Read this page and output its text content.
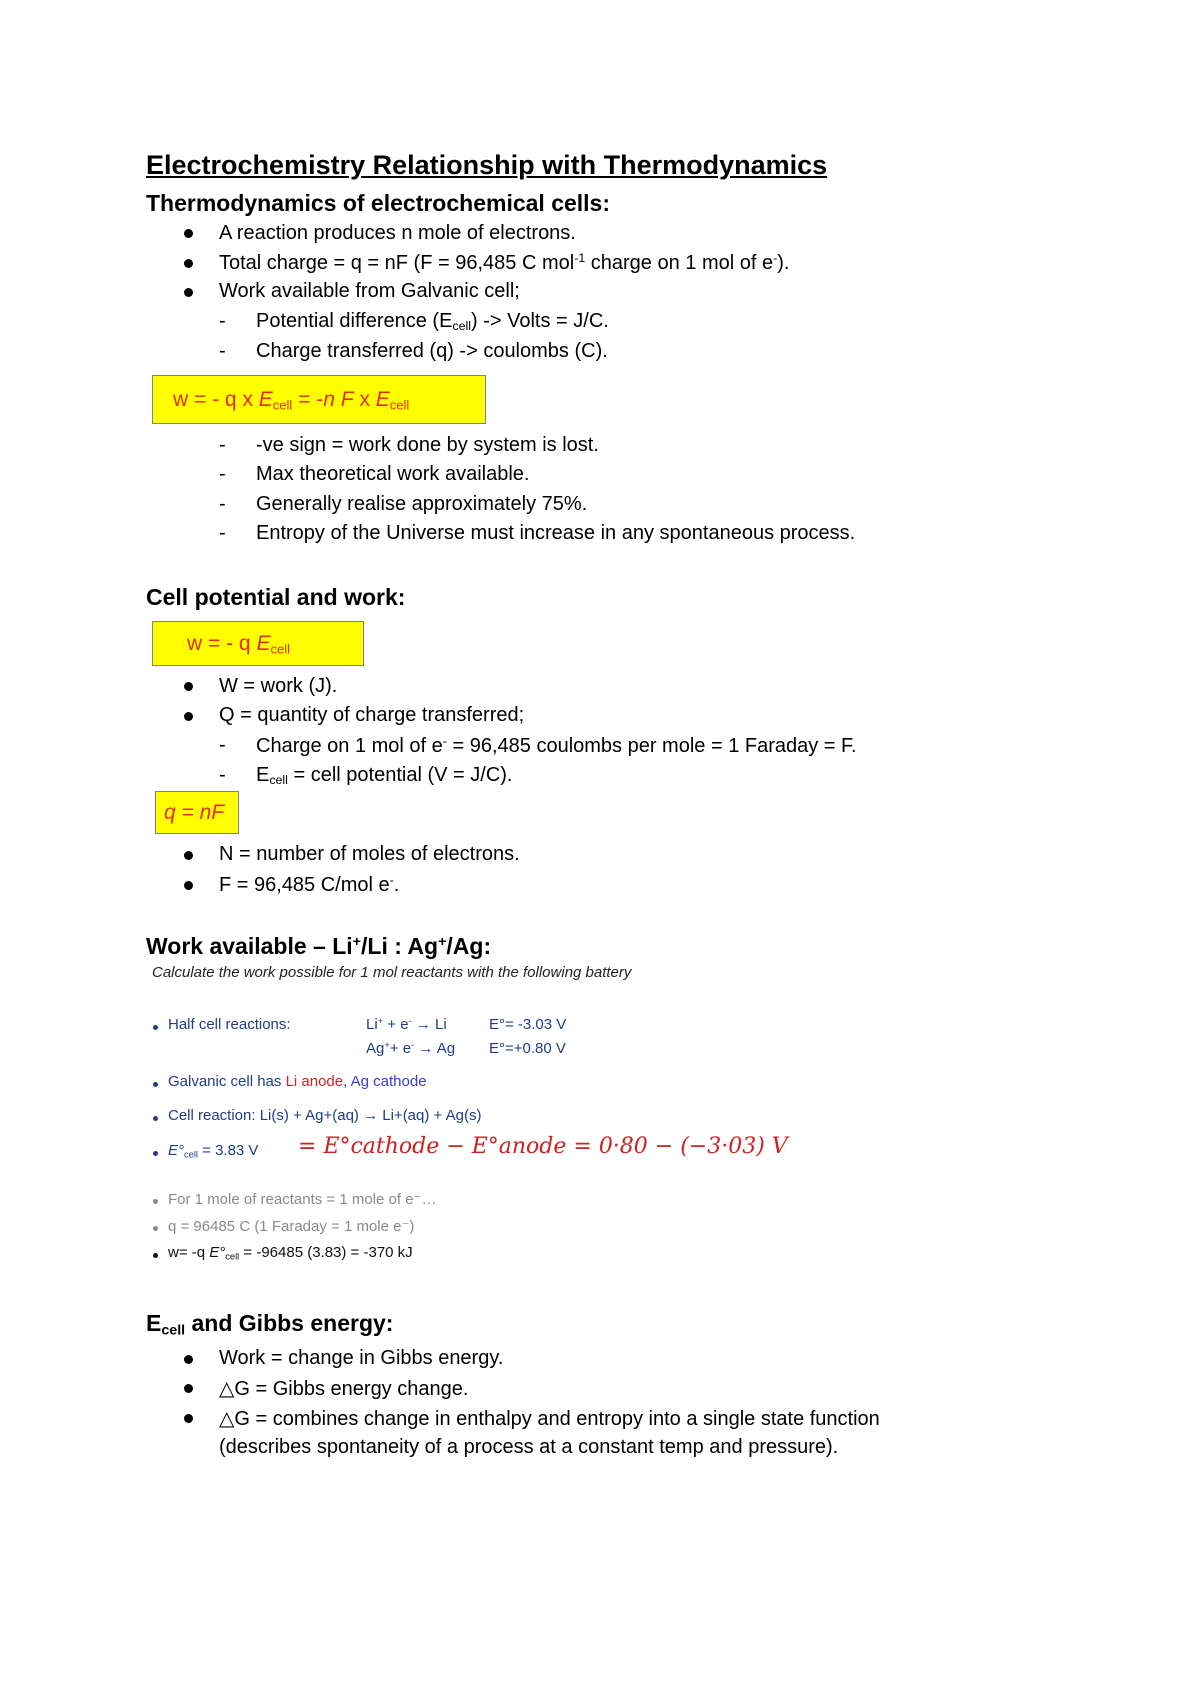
Electrochemistry Relationship with Thermodynamics
Thermodynamics of electrochemical cells:
A reaction produces n mole of electrons.
Total charge = q = nF (F = 96,485 C mol$^{-1}$ charge on 1 mol of e-).
Work available from Galvanic cell;
- Potential difference $(E_{cell})$ -> Volts = J/C.
- Charge transferred (q) -> coulombs (C).
w = - q x $E_{cell} = -n$ F x $E_{cell}$
- -ve sign = work done by system is lost.
- Max theoretical work available.
- Generally realise approximately 75%.
- Entropy of the Universe must increase in any spontaneous process.
Cell potential and work:
w = - q $E_{cell}$
W = work (J).
Q = quantity of charge transferred;
- Charge on 1 mol of e- = 96,485 coulombs per mole = 1 Faraday = F.
- $E_{cell}$ = cell potential (V = J/C).
q = nF
N = number of moles of electrons.
F = 96,485 C/mol e-.
Work available – Li+/Li : Ag+/Ag:
Calculate the work possible for 1 mol reactants with the following battery
Half cell reactions:	Li+ + e- → Li	E°= -3.03 V
Ag++ e- → Ag E°=+0.80 V
Galvanic cell has Li anode, Ag cathode
Cell reaction: Li(s) + Ag+(aq) → Li+(aq) + Ag(s)
$E^\circ_{cell} = 3.83$ V = E°cathode − E°anode = 0·80 − (−3·03) V
For 1 mole of reactants = 1 mole of e⁻…
q = 96485 C (1 Faraday = 1 mole e⁻)
w= -q $E^\circ_{cell} = -96485$ (3.83) = -370 kJ
$E_{cell}$ and Gibbs energy:
Work = change in Gibbs energy.
△G = Gibbs energy change.
△G = combines change in enthalpy and entropy into a single state function
(describes spontaneity of a process at a constant temp and pressure).
